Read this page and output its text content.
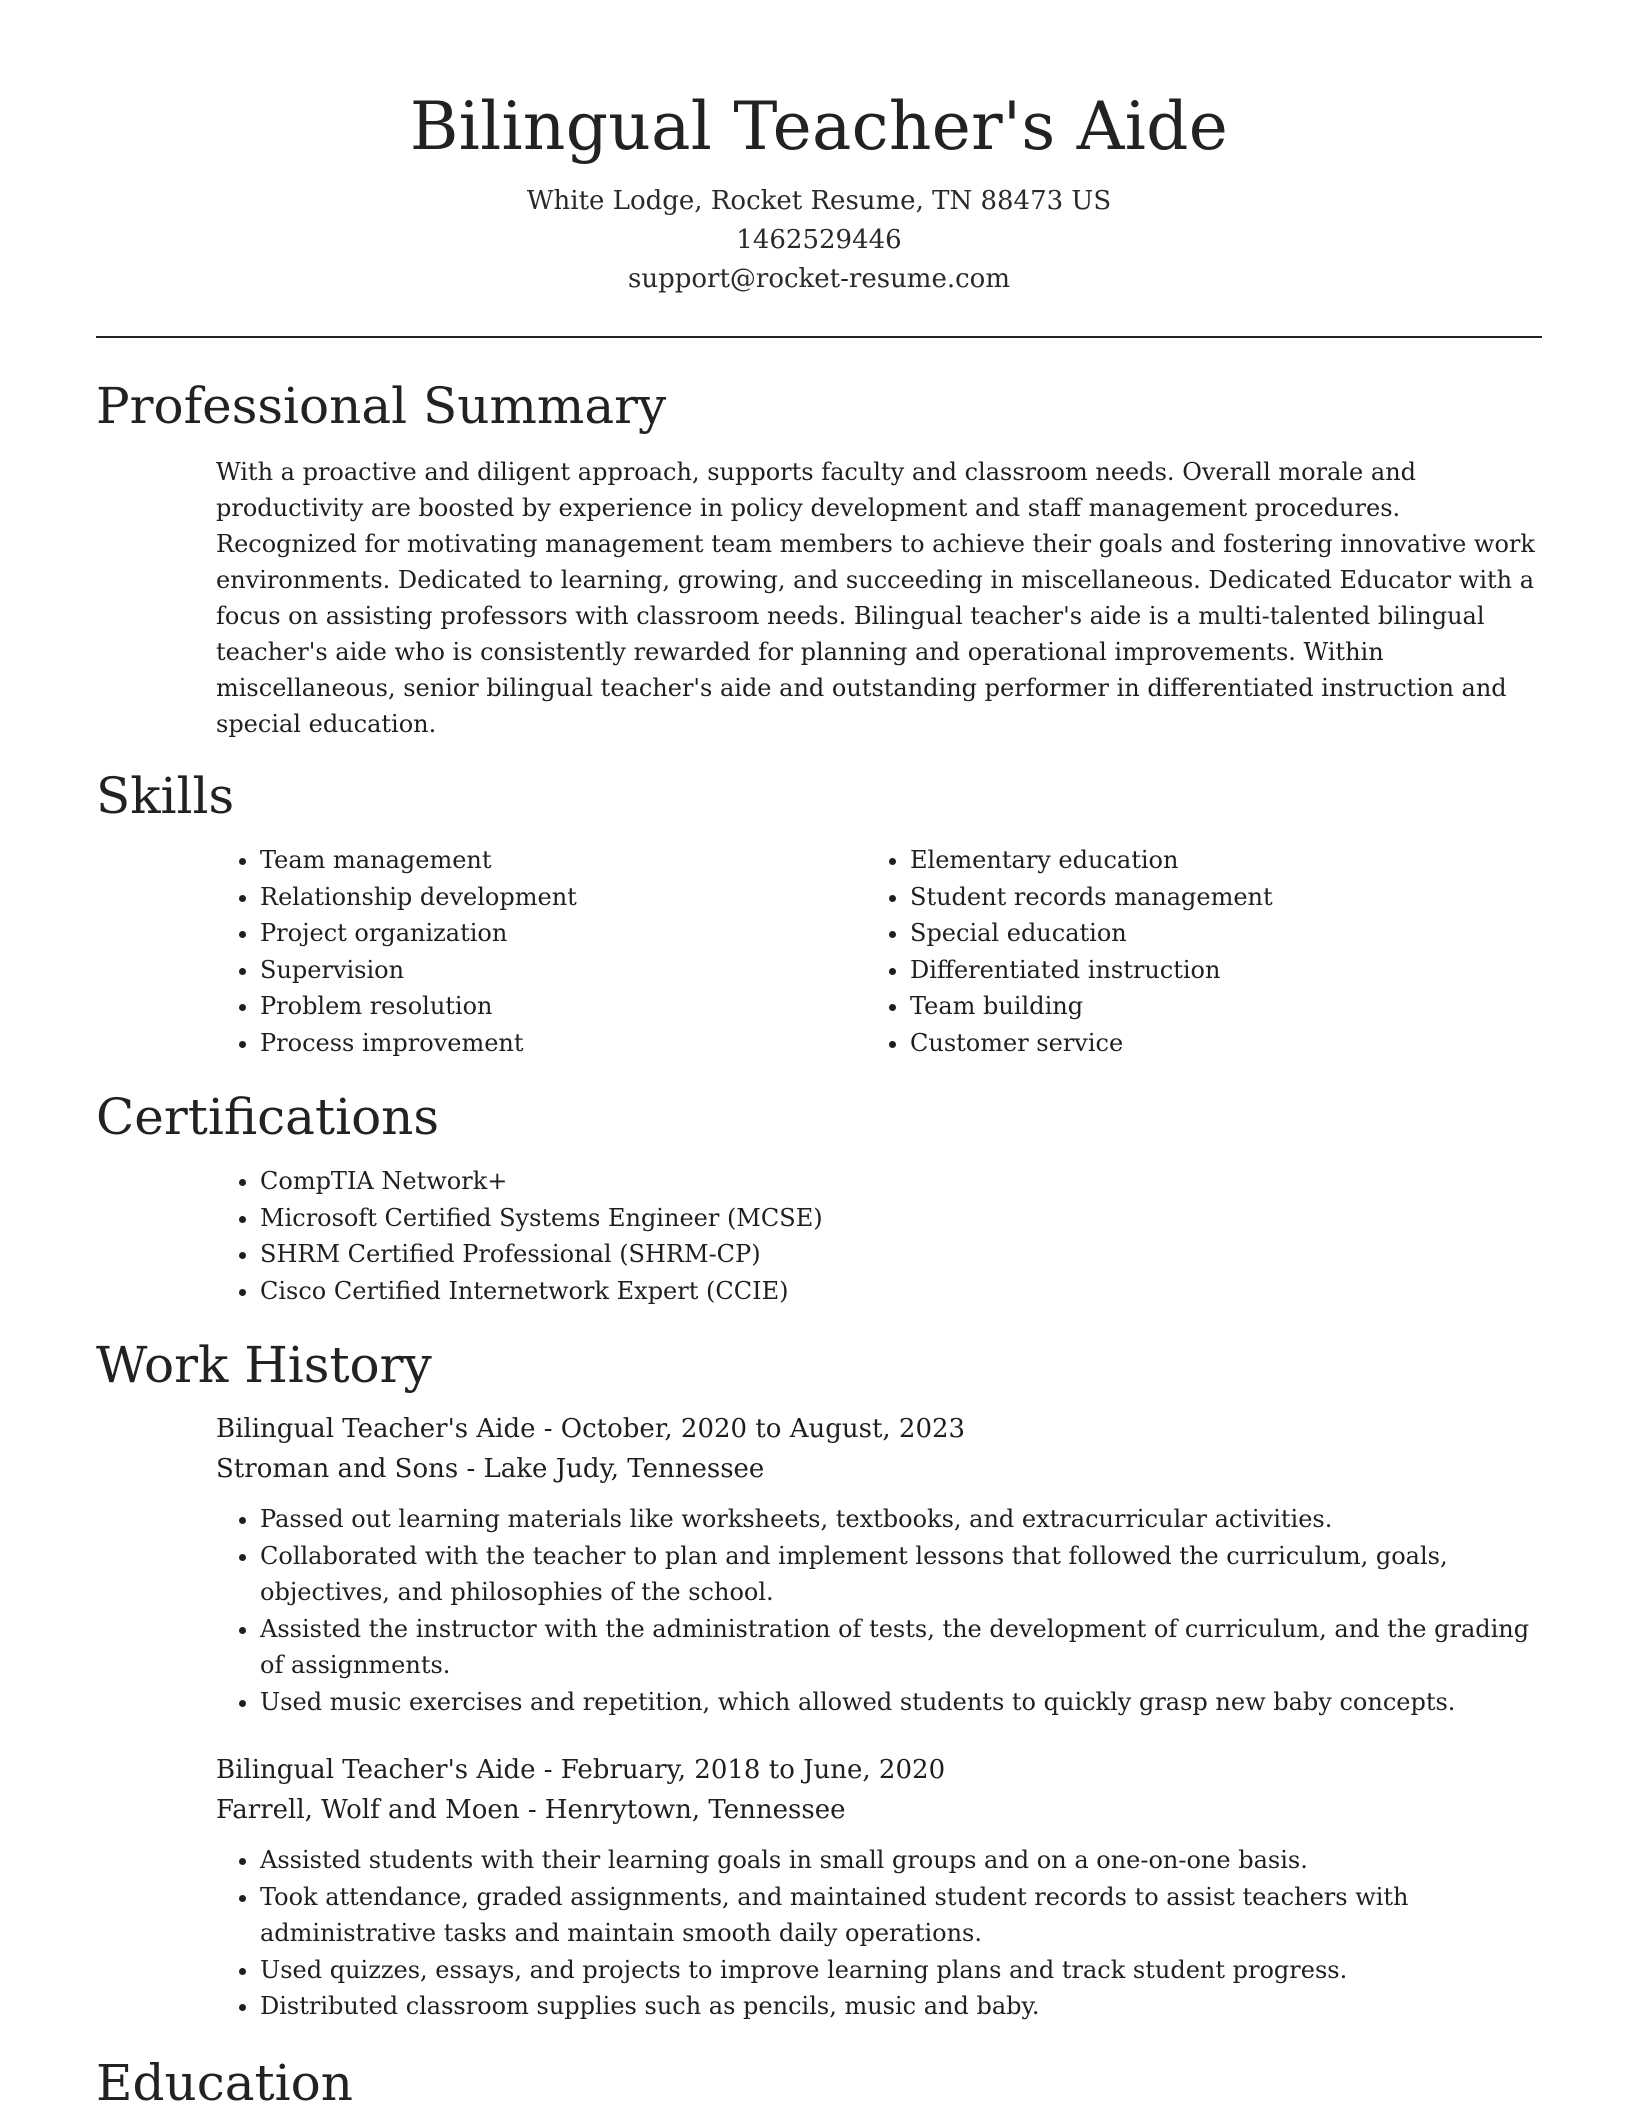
Bilingual Teacher's Aide
White Lodge, Rocket Resume, TN 88473 US
1462529446
support@rocket-resume.com
Professional Summary
With a proactive and diligent approach, supports faculty and classroom needs. Overall morale and productivity are boosted by experience in policy development and staff management procedures. Recognized for motivating management team members to achieve their goals and fostering innovative work environments. Dedicated to learning, growing, and succeeding in miscellaneous. Dedicated Educator with a focus on assisting professors with classroom needs. Bilingual teacher's aide is a multi-talented bilingual teacher's aide who is consistently rewarded for planning and operational improvements. Within miscellaneous, senior bilingual teacher's aide and outstanding performer in differentiated instruction and special education.
Skills
• Team management
• Relationship development
• Project organization
• Supervision
• Problem resolution
• Process improvement
• Elementary education
• Student records management
• Special education
• Differentiated instruction
• Team building
• Customer service
Certifications
• CompTIA Network+
• Microsoft Certified Systems Engineer (MCSE)
• SHRM Certified Professional (SHRM-CP)
• Cisco Certified Internetwork Expert (CCIE)
Work History
Bilingual Teacher's Aide - October, 2020 to August, 2023
Stroman and Sons - Lake Judy, Tennessee
• Passed out learning materials like worksheets, textbooks, and extracurricular activities.
• Collaborated with the teacher to plan and implement lessons that followed the curriculum, goals, objectives, and philosophies of the school.
• Assisted the instructor with the administration of tests, the development of curriculum, and the grading of assignments.
• Used music exercises and repetition, which allowed students to quickly grasp new baby concepts.
Bilingual Teacher's Aide - February, 2018 to June, 2020
Farrell, Wolf and Moen - Henrytown, Tennessee
• Assisted students with their learning goals in small groups and on a one-on-one basis.
• Took attendance, graded assignments, and maintained student records to assist teachers with administrative tasks and maintain smooth daily operations.
• Used quizzes, essays, and projects to improve learning plans and track student progress.
• Distributed classroom supplies such as pencils, music and baby.
Education
